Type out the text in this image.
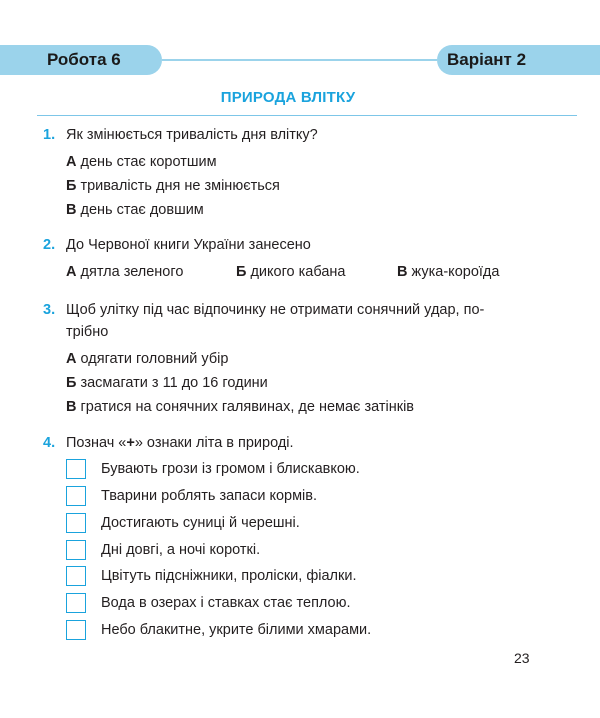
Робота 6	Варіант 2
ПРИРОДА ВЛІТКУ
1. Як змінюється тривалість дня влітку?
А день стає коротшим
Б тривалість дня не змінюється
В день стає довшим
2. До Червоної книги України занесено
А дятла зеленого	Б дикого кабана	В жука-короїда
3. Щоб улітку під час відпочинку не отримати сонячний удар, по-
трібно
А одягати головний убір
Б засмагати з 11 до 16 години
В гратися на сонячних галявинах, де немає затінків
4. Познач «+» ознаки літа в природі.
Бувають грози із громом і блискавкою.
Тварини роблять запаси кормів.
Достигають суниці й черешні.
Дні довгі, а ночі короткі.
Цвітуть підсніжники, проліски, фіалки.
Вода в озерах і ставках стає теплою.
Небо блакитне, укрите білими хмарами.
23
